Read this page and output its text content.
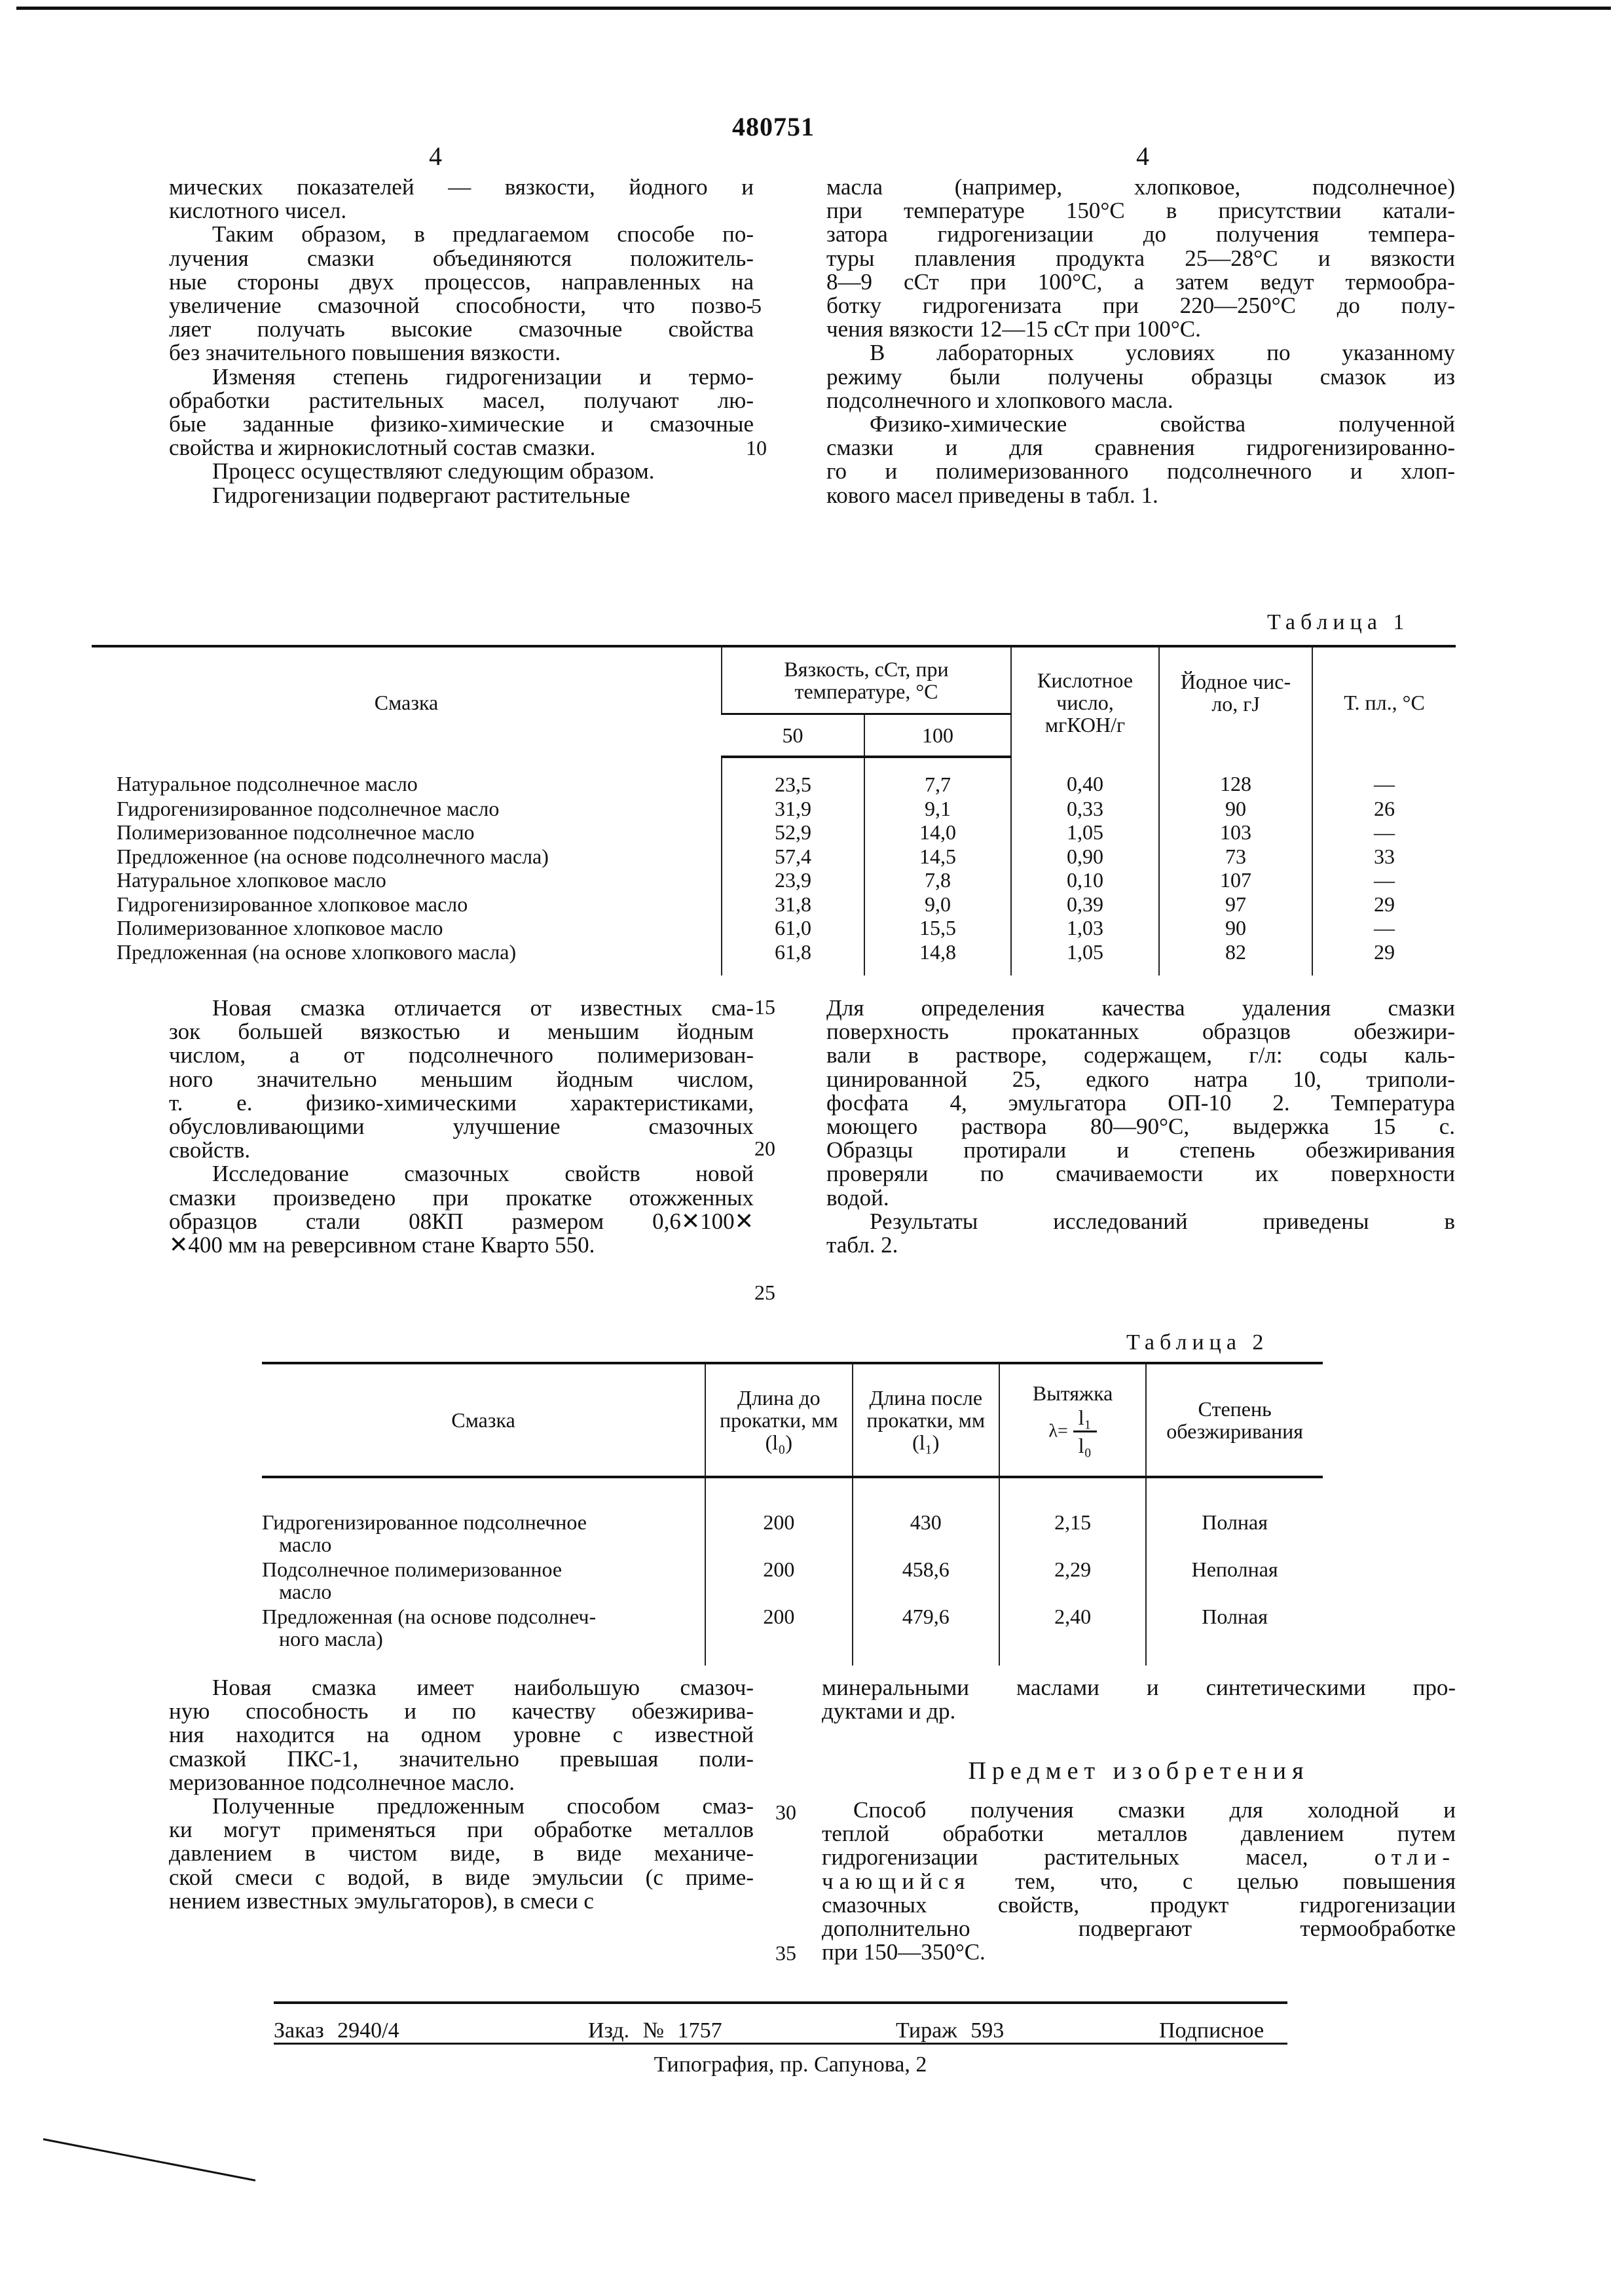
480751
4	4

мических показателей — вязкости, йодного и
кислотного чисел.

Таким образом, в предлагаемом способе по-
лучения смазки объединяются положитель-
ные стороны двух процессов, направленных на
увеличение смазочной способности, что позво-
ляет получать высокие смазочные свойства
без значительного повышения вязкости.

Изменяя степень гидрогенизации и термо-
обработки растительных масел, получают лю-
бые заданные физико-химические и смазочные
свойства и жирнокислотный состав смазки.

Процесс осуществляют следующим образом.

Гидрогенизации подвергают растительные

масла (например, хлопковое, подсолнечное)
при температуре 150°С в присутствии катали-
затора гидрогенизации до получения темпера-
туры плавления продукта 25—28°С и вязкости
8—9 сСт при 100°С, а затем ведут термообра-
ботку гидрогенизата при 220—250°С до полу-
чения вязкости 12—15 сСт при 100°С.

В лабораторных условиях по указанному
режиму были получены образцы смазок из
подсолнечного и хлопкового масла.

Физико-химические свойства полученной
смазки и для сравнения гидрогенизированно-
го и полимеризованного подсолнечного и хлоп-
кового масел приведены в табл. 1.

5
10
Таблица 1
Смазка	Вязкость, сСт, при температуре, °С		Кислотное число, мгКОН/г	Йодное чис-ло, гJ	Т. пл., °С
	50	100			
Натуральное подсолнечное масло	23,5	7,7	0,40	128	—
Гидрогенизированное подсолнечное масло	31,9	9,1	0,33	90	26
Полимеризованное подсолнечное масло	52,9	14,0	1,05	103	—
Предложенное (на основе подсолнечного масла)	57,4	14,5	0,90	73	33
Натуральное хлопковое масло	23,9	7,8	0,10	107	—
Гидрогенизированное хлопковое масло	31,8	9,0	0,39	97	29
Полимеризованное хлопковое масло	61,0	15,5	1,03	90	—
Предложенная (на основе хлопкового масла)	61,8	14,8	1,05	82	29

Новая смазка отличается от известных сма-
зок большей вязкостью и меньшим йодным
числом, а от подсолнечного полимеризован-
ного значительно меньшим йодным числом,
т. е. физико-химическими характеристиками,
обусловливающими улучшение смазочных
свойств.

Исследование смазочных свойств новой
смазки произведено при прокатке отожженных
образцов стали 08КП размером 0,6✕100✕
✕400 мм на реверсивном стане Кварто 550.

Для определения качества удаления смазки
поверхность прокатанных образцов обезжири-
вали в растворе, содержащем, г/л: соды каль-
цинированной 25, едкого натра 10, триполи-
фосфата 4, эмульгатора ОП-10 2. Температура
моющего раствора 80—90°С, выдержка 15 с.
Образцы протирали и степень обезжиривания
проверяли по смачиваемости их поверхности
водой.

Результаты исследований приведены в
табл. 2.

15
20
25
Таблица 2
Смазка	Длина до прокатки, мм (l₀)	Длина после прокатки, мм (l₁)	Вытяжка
$\lambda= \frac{\text{l₁}}{\text{l₀}}$	Степень обезжиривания

Гидрогенизированное подсолнечное
масло	200	430	2,15	Полная

Подсолнечное полимеризованное
масло	200	458,6	2,29	Неполная

Предложенная (на основе подсолнеч-
ного масла)	200	479,6	2,40	Полная

Новая смазка имеет наибольшую смазоч-
ную способность и по качеству обезжирива-
ния находится на одном уровне с известной
смазкой ПКС-1, значительно превышая поли-
меризованное подсолнечное масло.

Полученные предложенным способом смаз-
ки могут применяться при обработке металлов
давлением в чистом виде, в виде механиче-
ской смеси с водой, в виде эмульсии (с приме-
нением известных эмульгаторов), в смеси с

минеральными маслами и синтетическими про-
дуктами и др.
Предмет изобретения
Способ получения смазки для холодной и
теплой обработки металлов давлением путем
гидрогенизации растительных масел,	отли-
чающийся тем, что, с целью повышения
смазочных свойств, продукт гидрогенизации
дополнительно подвергают термообработке
при 150—350°С.
30
35
Заказ 2940/4	Изд. № 1757	Тираж 593	Подписное
Типография, пр. Сапунова, 2
